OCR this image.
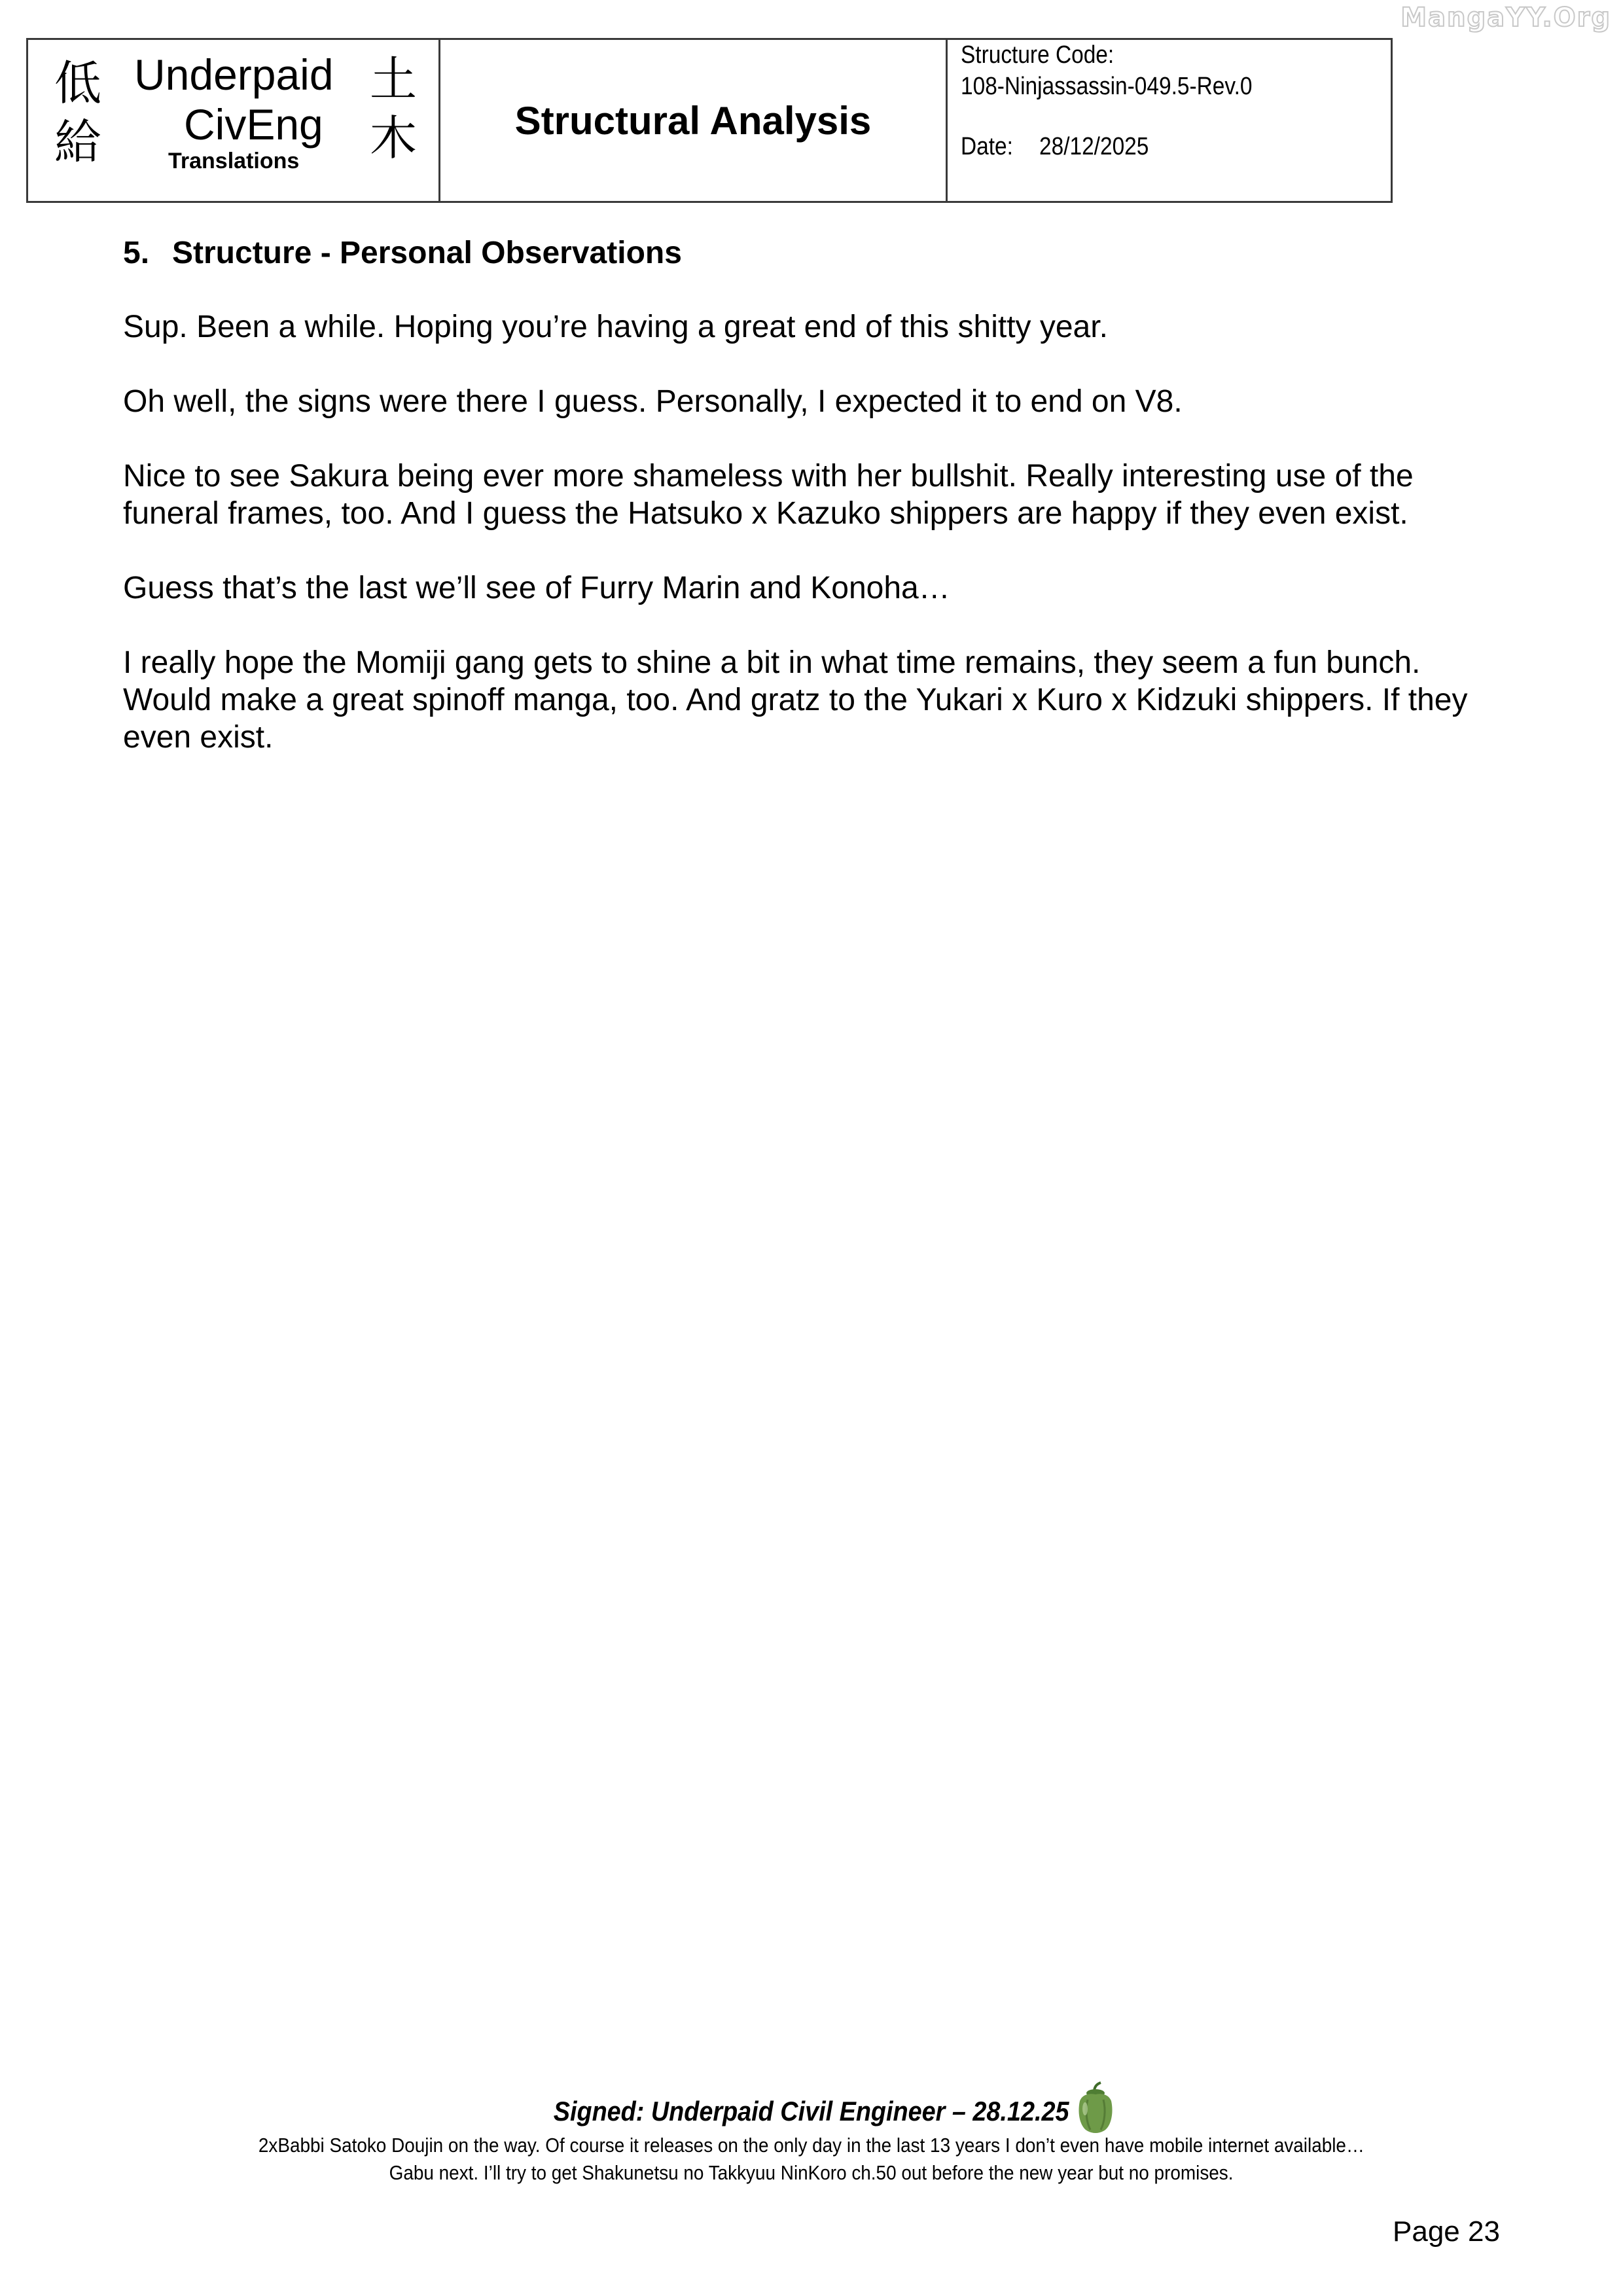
MangaYY.Org
低
給
Underpaid
CivEng
Translations
土
木 Structural Analysis
Structure Code:
108-Ninjassassin-049.5-Rev.0
Date: 28/12/2025
5. Structure - Personal Observations

Sup. Been a while. Hoping you’re having a great end of this shitty year.

Oh well, the signs were there I guess. Personally, I expected it to end on V8.

Nice to see Sakura being ever more shameless with her bullshit. Really interesting use of the funeral frames, too. And I guess the Hatsuko x Kazuko shippers are happy if they even exist.

Guess that’s the last we’ll see of Furry Marin and Konoha…

I really hope the Momiji gang gets to shine a bit in what time remains, they seem a fun bunch. Would make a great spinoff manga, too. And gratz to the Yukari x Kuro x Kidzuki shippers. If they even exist.

Signed: Underpaid Civil Engineer – 28.12.25
2xBabbi Satoko Doujin on the way. Of course it releases on the only day in the last 13 years I don’t even have mobile internet available…
Gabu next. I’ll try to get Shakunetsu no Takkyuu NinKoro ch.50 out before the new year but no promises.
Page 23
